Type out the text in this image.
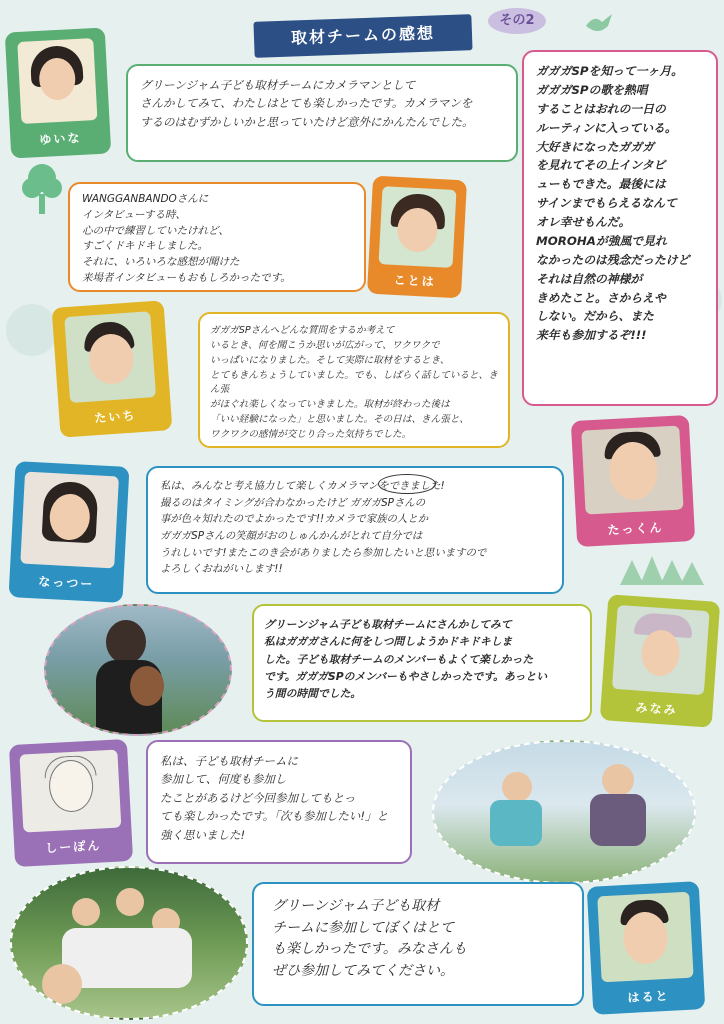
取材チームの感想
その2
ゆいな

グリーンジャム子ども取材チームにカメラマンとして
さんかしてみて、わたしはとても楽しかったです。カメラマンを
するのはむずかしいかと思っていたけど意外にかんたんでした。

WANGGANBANDOさんに
インタビューする時、
心の中で練習していたけれど、
すごくドキドキしました。
それに、いろいろな感想が聞けた
来場者インタビューもおもしろかったです。	ことは
たいち

ガガガSPさんへどんな質問をするか考えて
いるとき、何を聞こうか思いが広がって、ワクワクで
いっぱいになりました。そして実際に取材をするとき、
とてもきんちょうしていました。でも、しばらく話していると、きん張
がほぐれ楽しくなっていきました。取材が終わった後は
「いい経験になった」と思いました。その日は、きん張と、
ワクワクの感情が交じり合った気持ちでした。

ガガガSPを知って一ヶ月。
ガガガSPの歌を熱唱
することはおれの一日の
ルーティンに入っている。
大好きになったガガガ
を見れてその上インタビ
ューもできた。最後には
サインまでもらえるなんて
オレ幸せもんだ。
MOROHAが強風で見れ
なかったのは残念だったけど
それは自然の神様が
きめたこと。さからえや
しない。だから、また
来年も参加するぞ!!!

たっくん
なっつー

私は、みんなと考え協力して楽しくカメラマンをできました!
撮るのはタイミングが合わなかったけど ガガガSPさんの
事が色々知れたのでよかったです!!カメラで家族の人とか
ガガガSPさんの笑顔がおのしゅんかんがとれて自分では
うれしいです!またこのき会がありましたら参加したいと思いますので
よろしくおねがいします!!

グリーンジャム子ども取材チームにさんかしてみて
私はガガガさんに何をしつ問しようかドキドキしま
した。子ども取材チームのメンバーもよくて楽しかった
です。ガガガSPのメンバーもやさしかったです。あっとい
う間の時間でした。

みなみ
しーぽん

私は、子ども取材チームに
参加して、何度も参加し
たことがあるけど今回参加してもとっ
ても楽しかったです。「次も参加したい!」と
強く思いました!

グリーンジャム子ども取材
チームに参加してぼくはとて
も楽しかったです。みなさんも
ぜひ参加してみてください。

はると
